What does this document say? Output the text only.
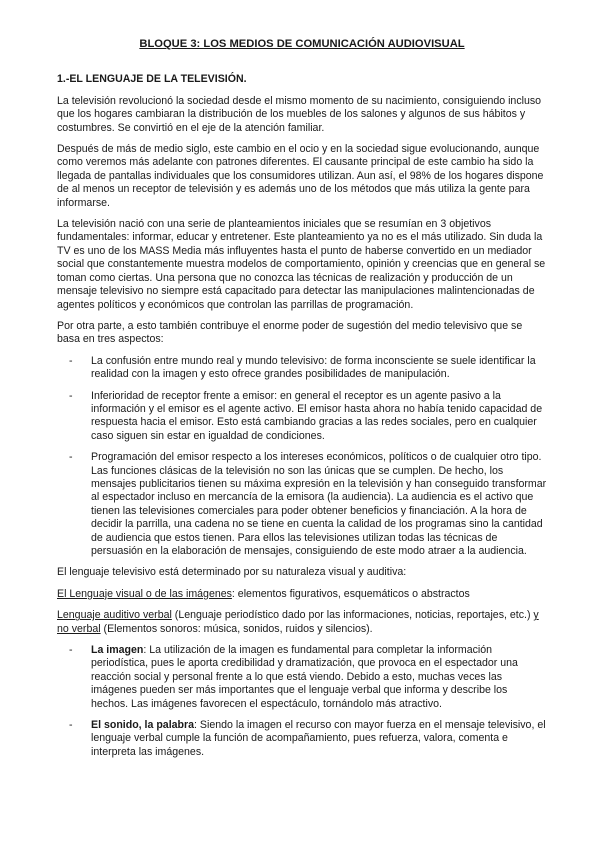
BLOQUE 3: LOS MEDIOS DE COMUNICACIÓN AUDIOVISUAL
1.-EL LENGUAJE DE LA TELEVISIÓN.

La televisión revolucionó la sociedad desde el mismo momento de su nacimiento, consiguiendo incluso que los hogares cambiaran la distribución de los muebles de los salones y algunos de sus hábitos y costumbres. Se convirtió en el eje de la atención familiar.

Después de más de medio siglo, este cambio en el ocio y en la sociedad sigue evolucionando, aunque como veremos más adelante con patrones diferentes. El causante principal de este cambio ha sido la llegada de pantallas individuales que los consumidores utilizan. Aun así, el 98% de los hogares dispone de al menos un receptor de televisión y es además uno de los métodos que más utiliza la gente para informarse.

La televisión nació con una serie de planteamientos iniciales que se resumían en 3 objetivos fundamentales: informar, educar y entretener. Este planteamiento ya no es el más utilizado. Sin duda la TV es uno de los MASS Media más influyentes hasta el punto de haberse convertido en un mediador social que constantemente muestra modelos de comportamiento, opinión y creencias que en general se toman como ciertas. Una persona que no conozca las técnicas de realización y producción de un mensaje televisivo no siempre está capacitado para detectar las manipulaciones malintencionadas de agentes políticos y económicos que controlan las parrillas de programación.

Por otra parte, a esto también contribuye el enorme poder de sugestión del medio televisivo que se basa en tres aspectos:

- La confusión entre mundo real y mundo televisivo: de forma inconsciente se suele identificar la realidad con la imagen y esto ofrece grandes posibilidades de manipulación.
- Inferioridad de receptor frente a emisor: en general el receptor es un agente pasivo a la información y el emisor es el agente activo. El emisor hasta ahora no había tenido capacidad de respuesta hacia el emisor. Esto está cambiando gracias a las redes sociales, pero en cualquier caso siguen sin estar en igualdad de condiciones.
- Programación del emisor respecto a los intereses económicos, políticos o de cualquier otro tipo. Las funciones clásicas de la televisión no son las únicas que se cumplen. De hecho, los mensajes publicitarios tienen su máxima expresión en la televisión y han conseguido transformar al espectador incluso en mercancía de la emisora (la audiencia). La audiencia es el activo que tienen las televisiones comerciales para poder obtener beneficios y financiación. A la hora de decidir la parrilla, una cadena no se tiene en cuenta la calidad de los programas sino la cantidad de audiencia que estos tienen. Para ellos las televisiones utilizan todas las técnicas de persuasión en la elaboración de mensajes, consiguiendo de este modo atraer a la audiencia.

El lenguaje televisivo está determinado por su naturaleza visual y auditiva:

El Lenguaje visual o de las imágenes: elementos figurativos, esquemáticos o abstractos

Lenguaje auditivo verbal (Lenguaje periodístico dado por las informaciones, noticias, reportajes, etc.) y no verbal (Elementos sonoros: música, sonidos, ruidos y silencios).

- La imagen: La utilización de la imagen es fundamental para completar la información periodística, pues le aporta credibilidad y dramatización, que provoca en el espectador una reacción social y personal frente a lo que está viendo. Debido a esto, muchas veces las imágenes pueden ser más importantes que el lenguaje verbal que informa y describe los hechos. Las imágenes favorecen el espectáculo, tornándolo más atractivo.
- El sonido, la palabra: Siendo la imagen el recurso con mayor fuerza en el mensaje televisivo, el lenguaje verbal cumple la función de acompañamiento, pues refuerza, valora, comenta e interpreta las imágenes.
